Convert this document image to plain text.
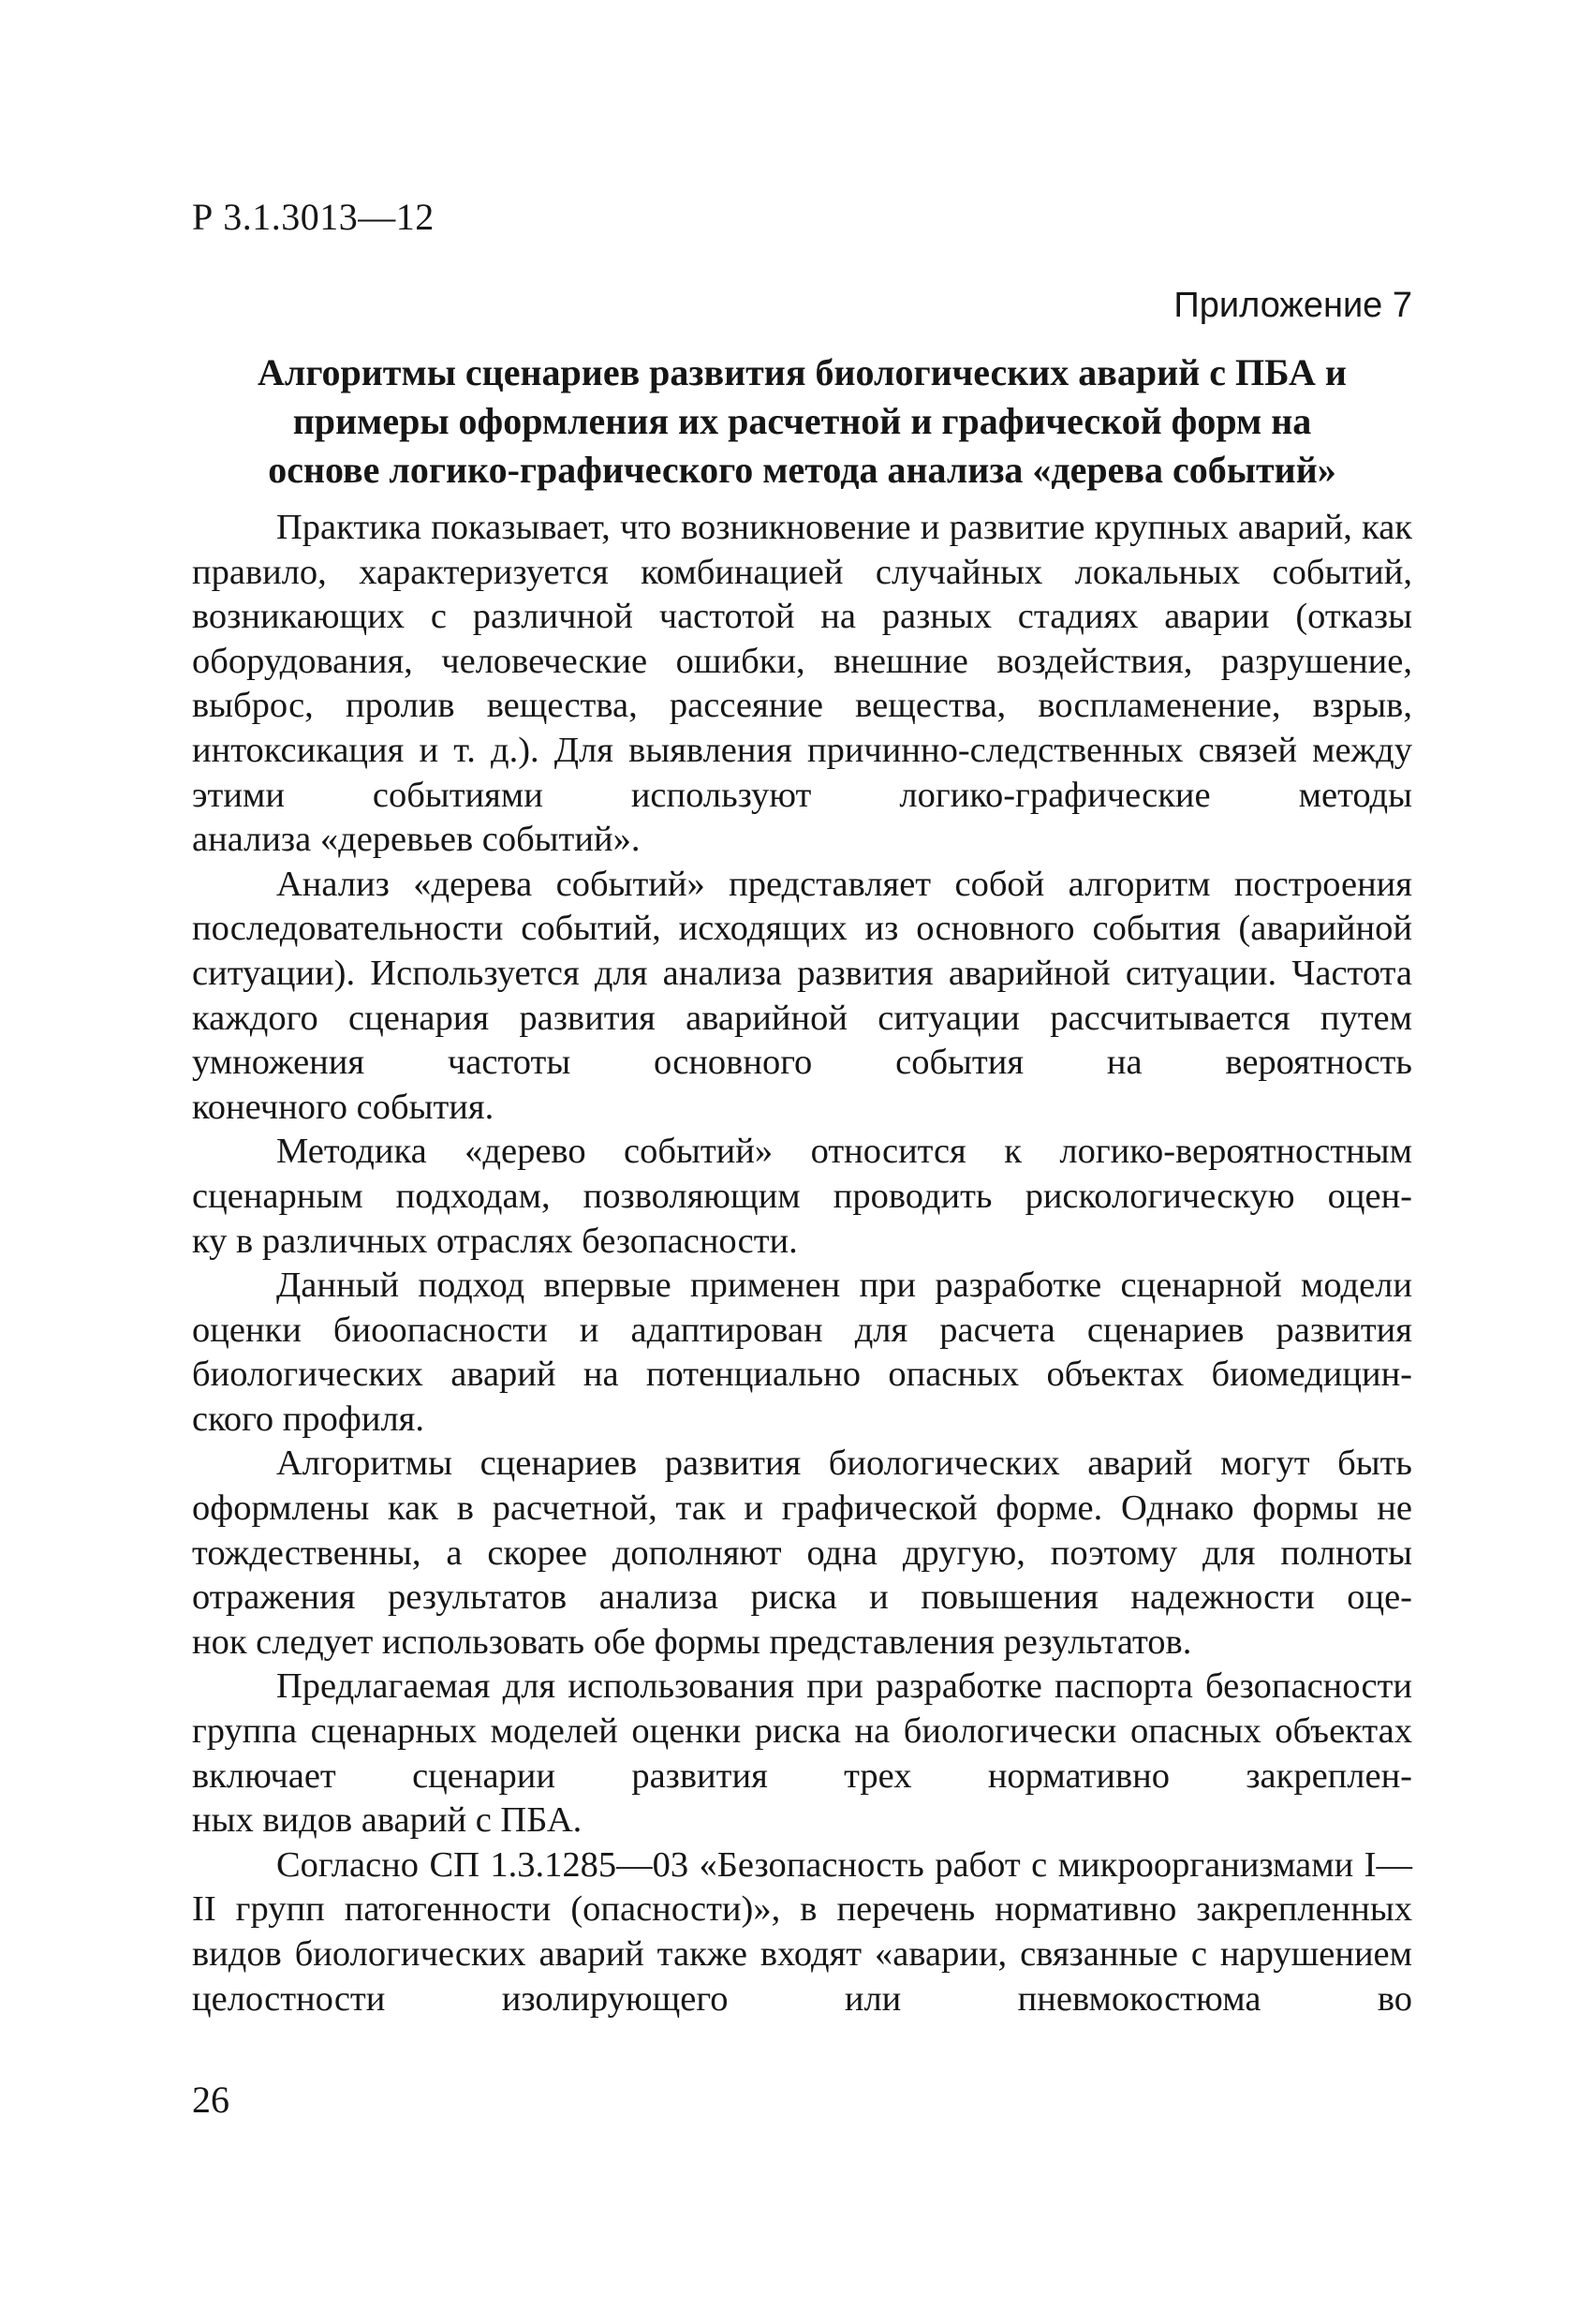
Р 3.1.3013—12

Приложение 7

Алгоритмы сценариев развития биологических аварий с ПБА и
примеры оформления их расчетной и графической форм на
основе логико-графического метода анализа «дерева событий»

Практика показывает, что возникновение и развитие крупных аварий, как правило, характеризуется комбинацией случайных локальных событий, возникающих с различной частотой на разных стадиях аварии (отказы оборудования, человеческие ошибки, внешние воздействия, разрушение, выброс, пролив вещества, рассеяние вещества, воспламенение, взрыв, интоксикация и т. д.). Для выявления причинно-следственных связей между этими событиями используют логико-графические методы

анализа «деревьев событий».

Анализ «дерева событий» представляет собой алгоритм построения последовательности событий, исходящих из основного события (аварийной ситуации). Используется для анализа развития аварийной ситуации. Частота каждого сценария развития аварийной ситуации рассчитывается путем умножения частоты основного события на вероятность

конечного события.

Методика «дерево событий» относится к логико-вероятностным сценарным подходам, позволяющим проводить рискологическую оцен-

ку в различных отраслях безопасности.

Данный подход впервые применен при разработке сценарной модели оценки биоопасности и адаптирован для расчета сценариев развития биологических аварий на потенциально опасных объектах биомедицин-

ского профиля.

Алгоритмы сценариев развития биологических аварий могут быть оформлены как в расчетной, так и графической форме. Однако формы не тождественны, а скорее дополняют одна другую, поэтому для полноты отражения результатов анализа риска и повышения надежности оце-

нок следует использовать обе формы представления результатов.

Предлагаемая для использования при разработке паспорта безопасности группа сценарных моделей оценки риска на биологически опасных объектах включает сценарии развития трех нормативно закреплен-

ных видов аварий с ПБА.

Согласно СП 1.3.1285—03 «Безопасность работ с микроорганизмами I—II групп патогенности (опасности)», в перечень нормативно закрепленных видов биологических аварий также входят «аварии, связанные с нарушением целостности изолирующего или пневмокостюма во

26
